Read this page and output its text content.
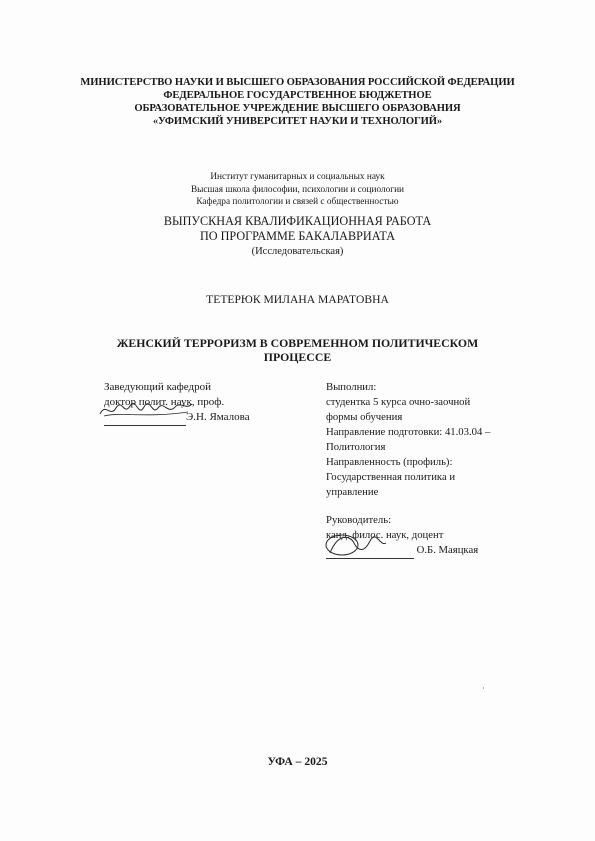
МИНИСТЕРСТВО НАУКИ И ВЫСШЕГО ОБРАЗОВАНИЯ РОССИЙСКОЙ ФЕДЕРАЦИИ
ФЕДЕРАЛЬНОЕ ГОСУДАРСТВЕННОЕ БЮДЖЕТНОЕ
ОБРАЗОВАТЕЛЬНОЕ УЧРЕЖДЕНИЕ ВЫСШЕГО ОБРАЗОВАНИЯ
«УФИМСКИЙ УНИВЕРСИТЕТ НАУКИ И ТЕХНОЛОГИЙ»
Институт гуманитарных и социальных наук
Высшая школа философии, психологии и социологии
Кафедра политологии и связей с общественностью
ВЫПУСКНАЯ КВАЛИФИКАЦИОННАЯ РАБОТА
ПО ПРОГРАММЕ БАКАЛАВРИАТА
(Исследовательская)
ТЕТЕРЮК МИЛАНА МАРАТОВНА
ЖЕНСКИЙ ТЕРРОРИЗМ В СОВРЕМЕННОМ ПОЛИТИЧЕСКОМ
ПРОЦЕССЕ
Заведующий кафедрой
доктор полит. наук, проф.

Э.Н. Ямалова
Выполнил:
студентка 5 курса очно-заочной
формы обучения
Направление подготовки: 41.03.04 –
Политология
Направленность (профиль):
Государственная политика и
управление
Руководитель:
канд. филос. наук, доцент

О.Б. Маяцкая
УФА – 2025
